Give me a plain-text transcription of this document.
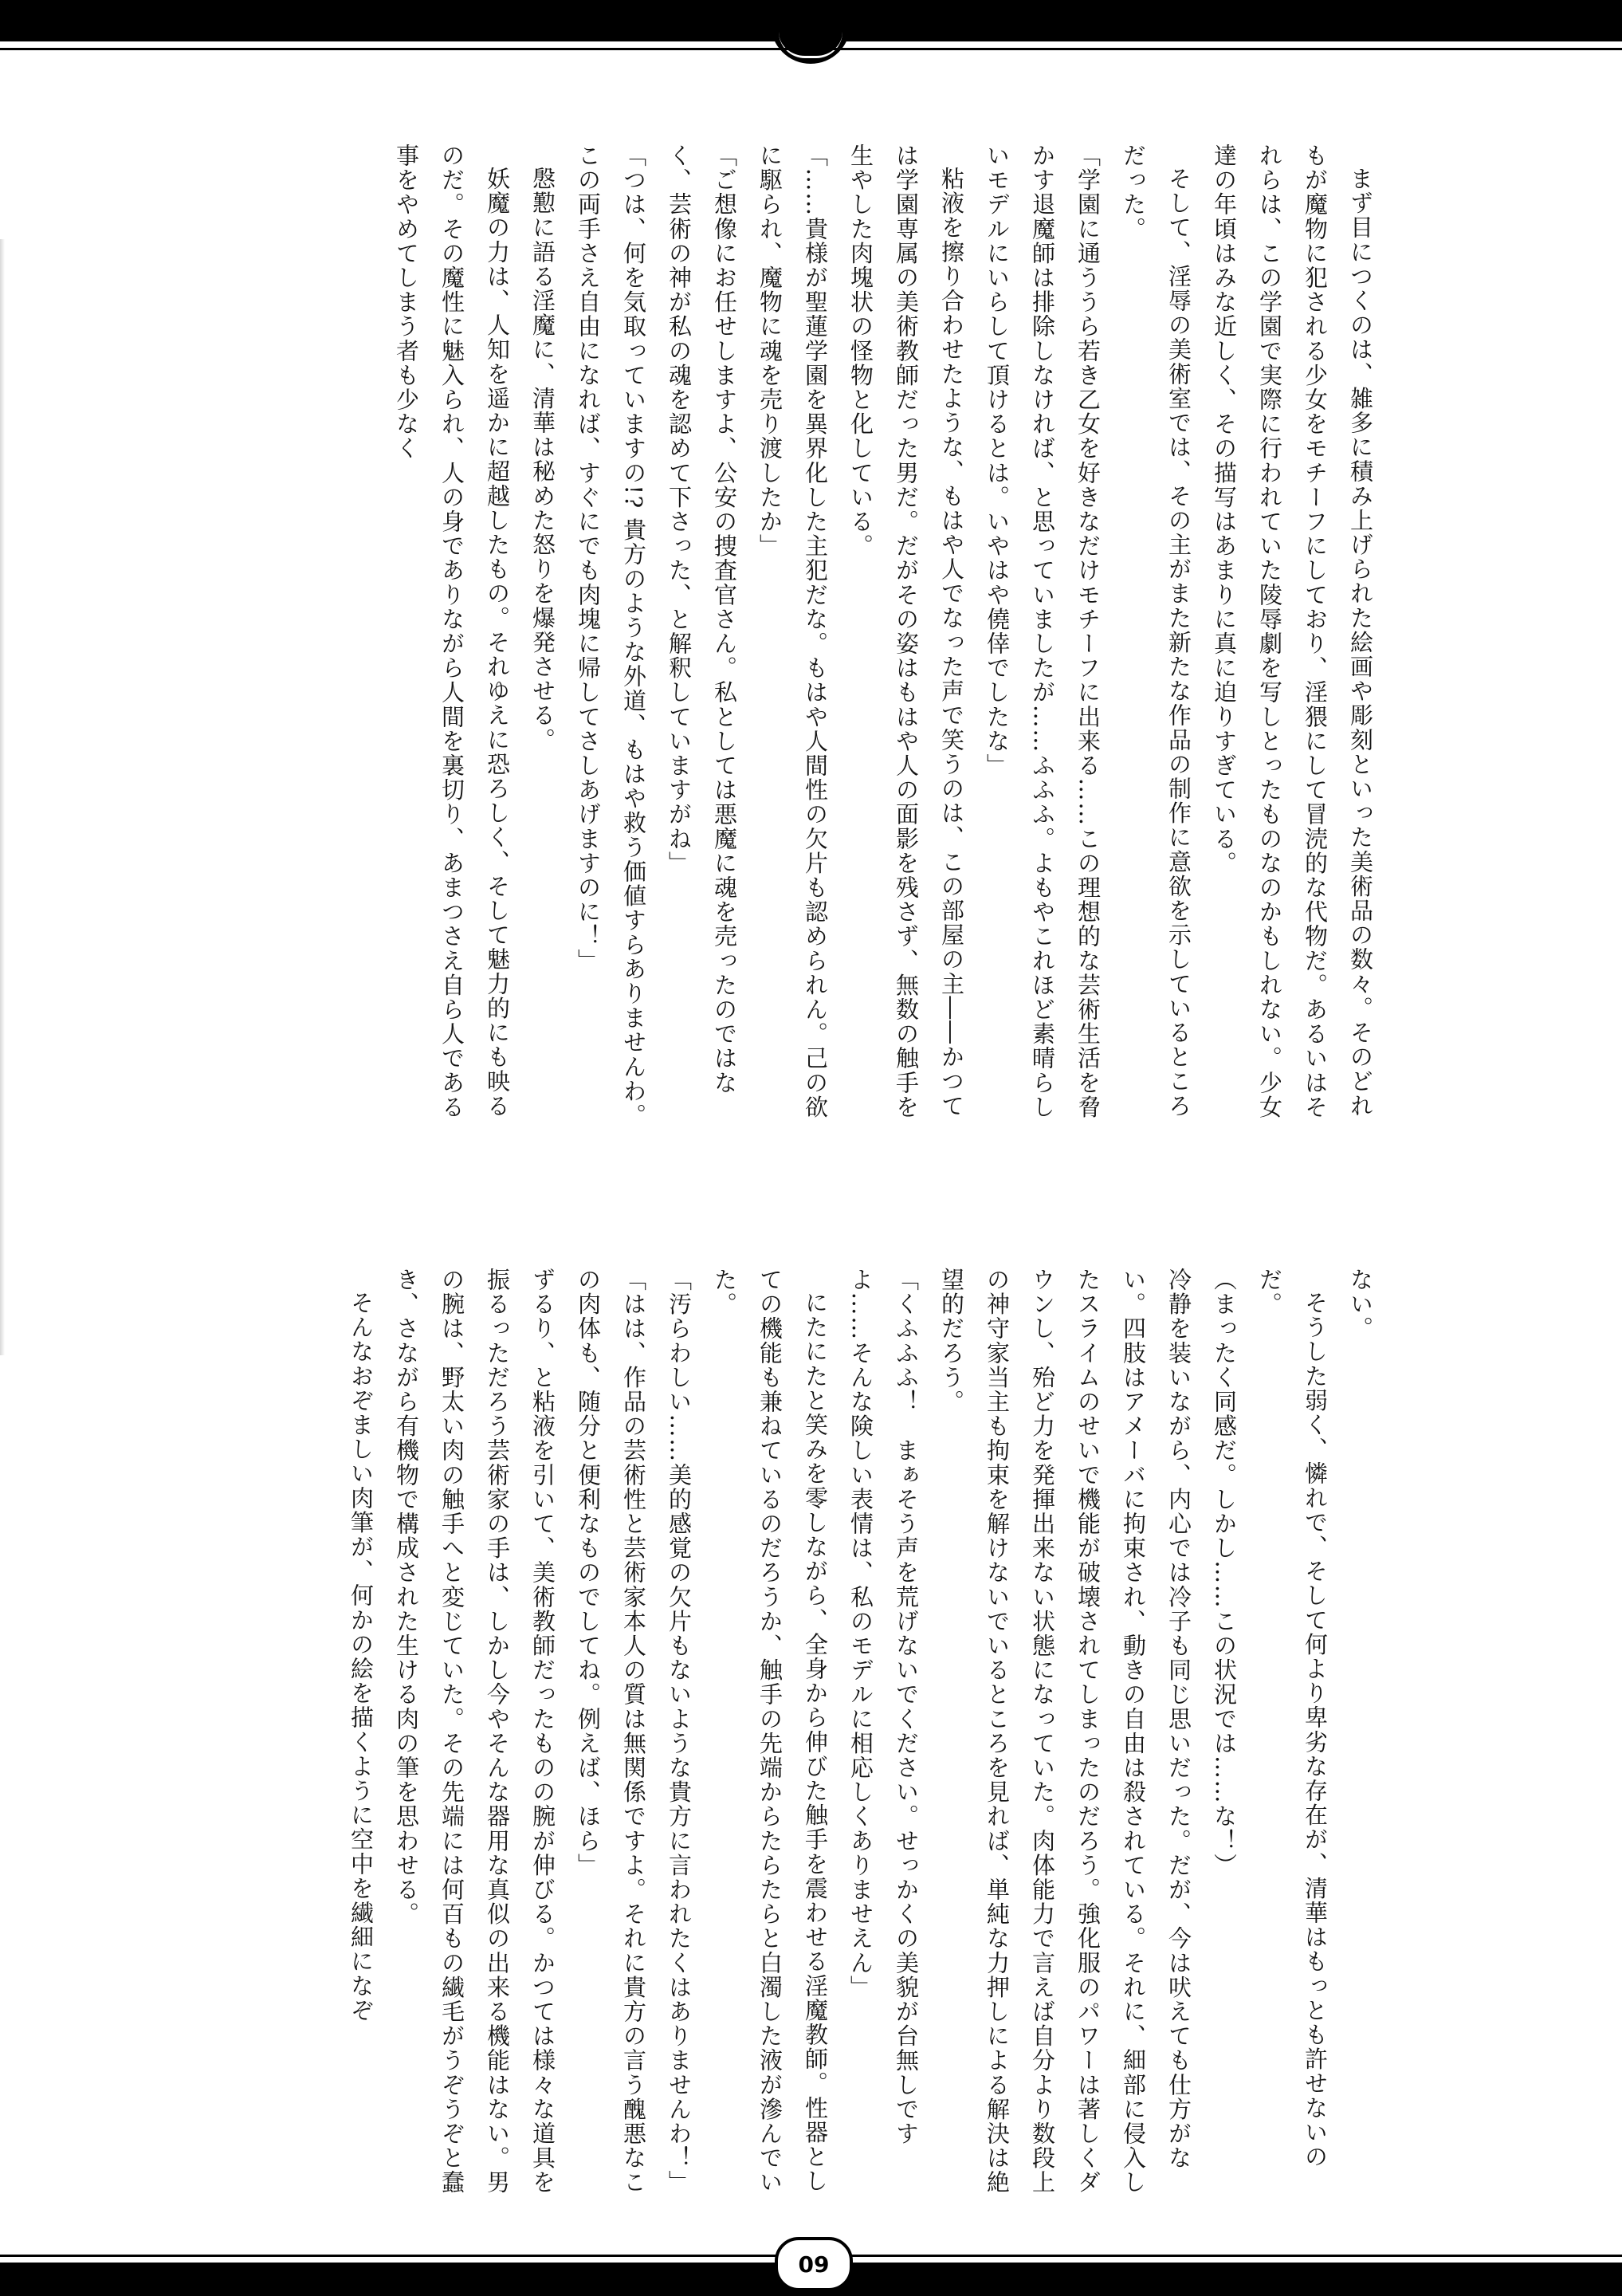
まず目につくのは、雑多に積み上げられた絵画や彫刻といった美術品の数々。そのどれもが魔物に犯される少女をモチーフにしており、淫猥にして冒涜的な代物だ。あるいはそれらは、この学園で実際に行われていた陵辱劇を写しとったものなのかもしれない。少女達の年頃はみな近しく、その描写はあまりに真に迫りすぎている。

そして、淫辱の美術室では、その主がまた新たな作品の制作に意欲を示しているところだった。

「学園に通ううら若き乙女を好きなだけモチーフに出来る……この理想的な芸術生活を脅かす退魔師は排除しなければ、と思っていましたが……ふふふ。よもやこれほど素晴らしいモデルにいらして頂けるとは。いやはや僥倖でしたな」

粘液を擦り合わせたような、もはや人でなった声で笑うのは、この部屋の主――かつては学園専属の美術教師だった男だ。だがその姿はもはや人の面影を残さず、無数の触手を生やした肉塊状の怪物と化している。

「……貴様が聖蓮学園を異界化した主犯だな。もはや人間性の欠片も認められん。己の欲に駆られ、魔物に魂を売り渡したか」

「ご想像にお任せしますよ、公安の捜査官さん。私としては悪魔に魂を売ったのではなく、芸術の神が私の魂を認めて下さった、と解釈していますがね」

「つは、何を気取っていますの!? 貴方のような外道、もはや救う価値すらありませんわ。この両手さえ自由になれば、すぐにでも肉塊に帰してさしあげますのに！」

慇懃に語る淫魔に、清華は秘めた怒りを爆発させる。

妖魔の力は、人知を遥かに超越したもの。それゆえに恐ろしく、そして魅力的にも映るのだ。その魔性に魅入られ、人の身でありながら人間を裏切り、あまつさえ自ら人である事をやめてしまう者も少なく

ない。

そうした弱く、憐れで、そして何より卑劣な存在が、清華はもっとも許せないのだ。

（まったく同感だ。しかし……この状況では……な！）

冷静を装いながら、内心では冷子も同じ思いだった。だが、今は吠えても仕方がない。四肢はアメーバに拘束され、動きの自由は殺されている。それに、細部に侵入したスライムのせいで機能が破壊されてしまったのだろう。強化服のパワーは著しくダウンし、殆ど力を発揮出来ない状態になっていた。肉体能力で言えば自分より数段上の神守家当主も拘束を解けないでいるところを見れば、単純な力押しによる解決は絶望的だろう。

「くふふふ！　まぁそう声を荒げないでください。せっかくの美貌が台無しですよ……そんな険しい表情は、私のモデルに相応しくありませえん」

にたにたと笑みを零しながら、全身から伸びた触手を震わせる淫魔教師。性器としての機能も兼ねているのだろうか、触手の先端からたらたらと白濁した液が滲んでいた。

「汚らわしい……美的感覚の欠片もないような貴方に言われたくはありませんわ！」

「はは、作品の芸術性と芸術家本人の質は無関係ですよ。それに貴方の言う醜悪なこの肉体も、随分と便利なものでしてね。例えば、ほら」

ずるり、と粘液を引いて、美術教師だったものの腕が伸びる。かつては様々な道具を振るっただろう芸術家の手は、しかし今やそんな器用な真似の出来る機能はない。男の腕は、野太い肉の触手へと変じていた。その先端には何百もの繊毛がうぞうぞと蠢き、さながら有機物で構成された生ける肉の筆を思わせる。

そんなおぞましい肉筆が、何かの絵を描くように空中を繊細になぞ

09
